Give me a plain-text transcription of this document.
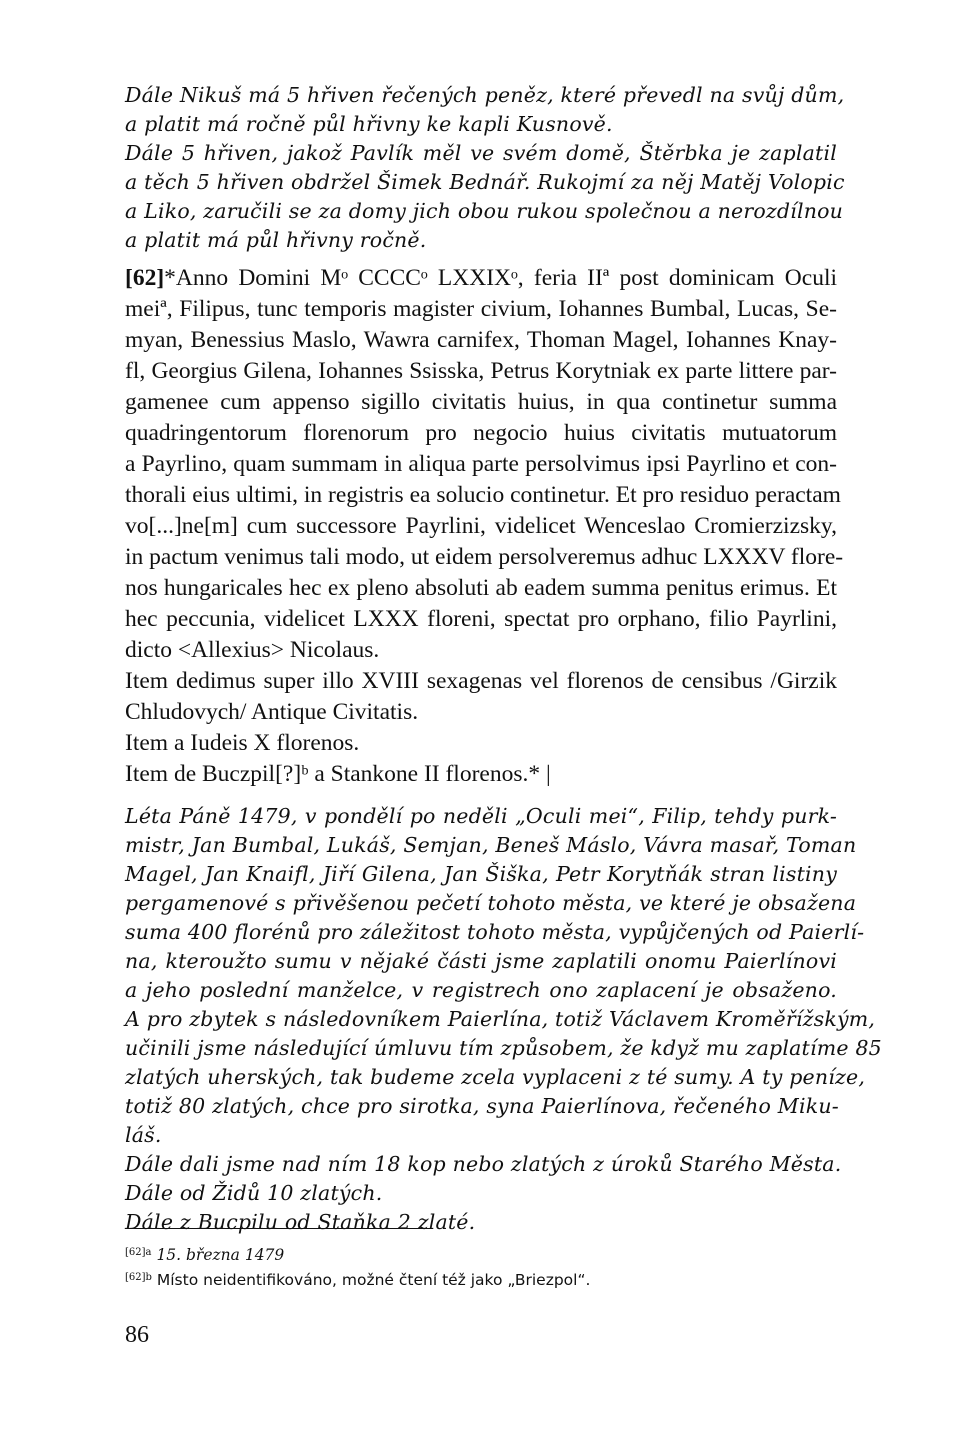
Dále Nikuš má 5 hřiven řečených peněz, které převedl na svůj dům,
a platit má ročně půl hřivny ke kapli Kusnově.
Dále 5 hřiven, jakož Pavlík měl ve svém domě, Štěrbka je zaplatil
a těch 5 hřiven obdržel Šimek Bednář. Rukojmí za něj Matěj Volopic
a Liko, zaručili se za domy jich obou rukou společnou a nerozdílnou
a platit má půl hřivny ročně.
[62] *Anno Domini Mᵒ CCCCᵒ LXXIXᵒ, feria IIª post dominicam Oculi
meiª, Filipus, tunc temporis magister civium, Iohannes Bumbal, Lucas, Se-
myan, Benessius Maslo, Wawra carnifex, Thoman Magel, Iohannes Knay-
fl, Georgius Gilena, Iohannes Ssisska, Petrus Korytniak ex parte littere par-
gamenee cum appenso sigillo civitatis huius, in qua continetur summa
quadringentorum florenorum pro negocio huius civitatis mutuatorum
a Payrlino, quam summam in aliqua parte persolvimus ipsi Payrlino et con-
thorali eius ultimi, in registris ea solucio continetur. Et pro residuo peractam
vo[...]ne[m] cum successore Payrlini, videlicet Wenceslao Cromierzizsky,
in pactum venimus tali modo, ut eidem persolveremus adhuc LXXXV flore-
nos hungaricales hec ex pleno absoluti ab eadem summa penitus erimus. Et
hec peccunia, videlicet LXXX floreni, spectat pro orphano, filio Payrlini,
dicto <Allexius> Nicolaus.
Item dedimus super illo XVIII sexagenas vel florenos de censibus /Girzik
Chludovych/ Antique Civitatis.
Item a Iudeis X florenos.
Item de Buczpil[?]ᵇ a Stankone II florenos.* |
Léta Páně 1479, v pondělí po neděli „Oculi mei“, Filip, tehdy purk-
mistr, Jan Bumbal, Lukáš, Semjan, Beneš Máslo, Vávra masař, Toman
Magel, Jan Knaifl, Jiří Gilena, Jan Šiška, Petr Korytňák stran listiny
pergamenové s přivěšenou pečetí tohoto města, ve které je obsažena
suma 400 florénů pro záležitost tohoto města, vypůjčených od Paierlí-
na, kteroužto sumu v nějaké části jsme zaplatili onomu Paierlínovi
a jeho poslední manželce, v registrech ono zaplacení je obsaženo.
A pro zbytek s následovníkem Paierlína, totiž Václavem Kroměřížským,
učinili jsme následující úmluvu tím způsobem, že když mu zaplatíme 85
zlatých uherských, tak budeme zcela vyplaceni z té sumy. A ty peníze,
totiž 80 zlatých, chce pro sirotka, syna Paierlínova, řečeného Miku-
láš.
Dále dali jsme nad ním 18 kop nebo zlatých z úroků Starého Města.
Dále od Židů 10 zlatých.
Dále z Bucpilu od Staňka 2 zlaté.
$^{[62]a}$ 15. března 1479
$^{[62]b}$ Místo neidentifikováno, možné čtení též jako „Briezpol“.
86
